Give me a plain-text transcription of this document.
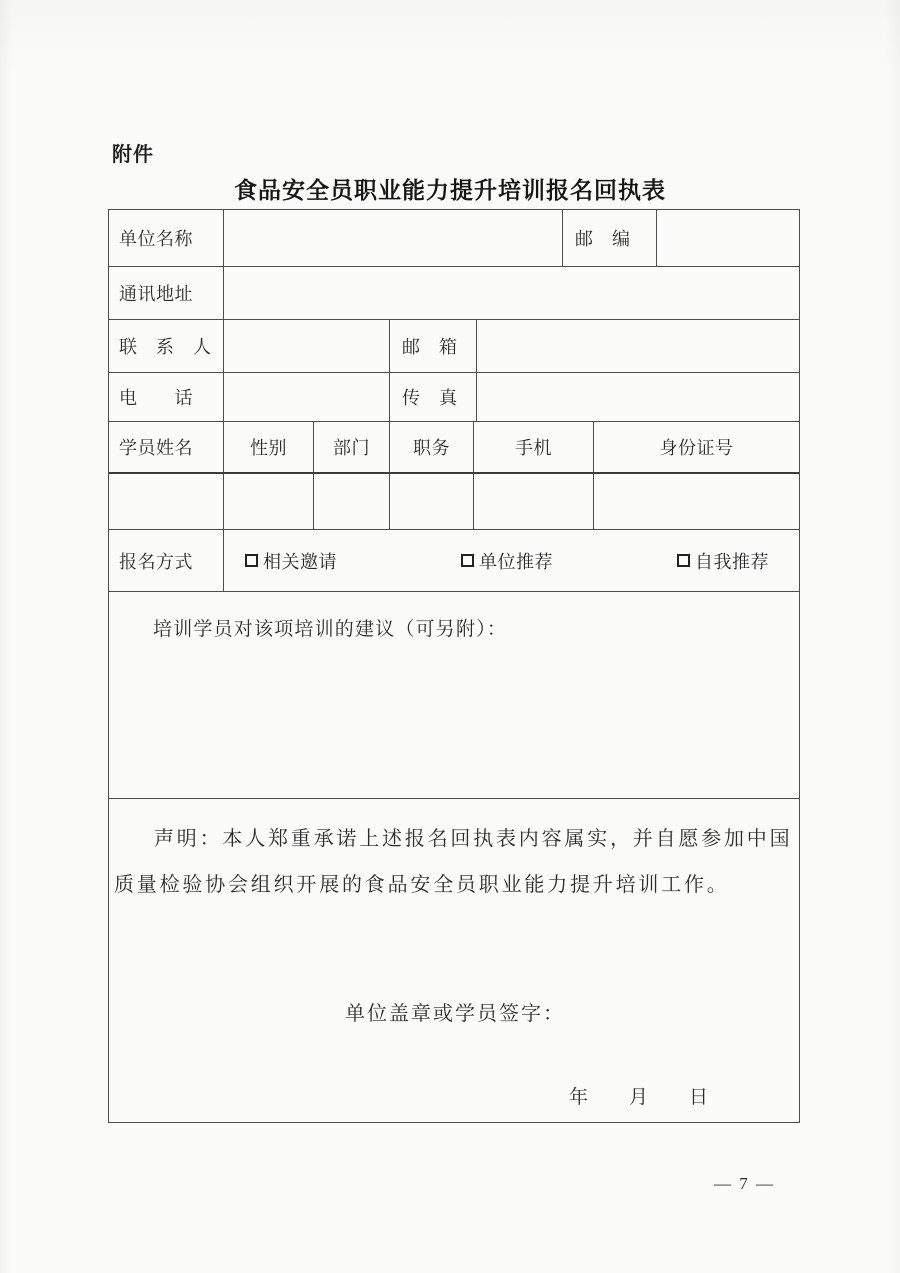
附件
食品安全员职业能力提升培训报名回执表
单位名称	邮　编
通讯地址
联　系　人	邮　箱
电　　话	传　真
学员姓名	性别	部门	职务	手机	身份证号
报名方式	相关邀请	单位推荐	自我推荐
培训学员对该项培训的建议（可另附）：

声明：本人郑重承诺上述报名回执表内容属实，并自愿参加中国质量检验协会组织开展的食品安全员职业能力提升培训工作。

单位盖章或学员签字：
年　　月　　日
— 7 —
